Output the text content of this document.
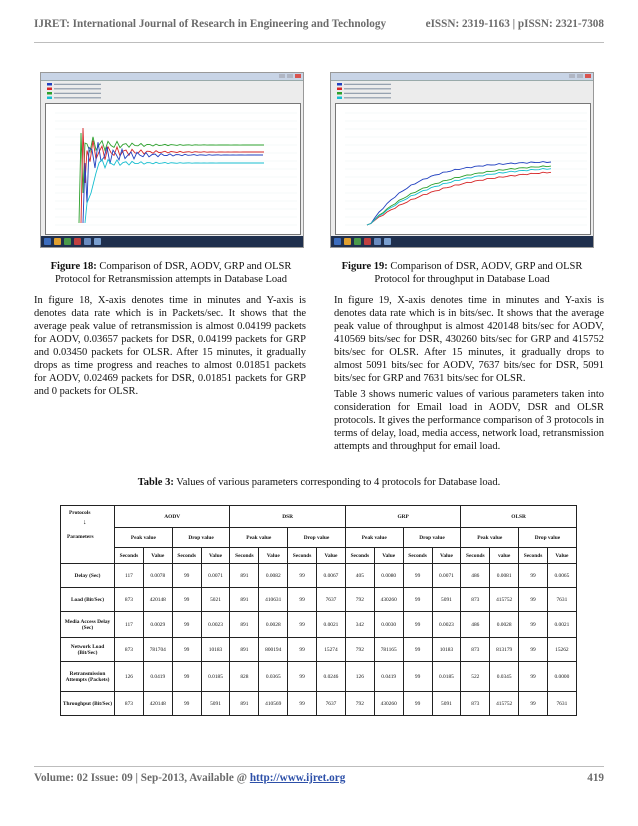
IJRET: International Journal of Research in Engineering and Technology	eISSN: 2319-1163 | pISSN: 2321-7308
Figure 18: Comparison of DSR, AODV, GRP and OLSR Protocol for Retransmission attempts in Database Load
Figure 19: Comparison of DSR, AODV, GRP and OLSR Protocol for throughput in Database Load

In figure 18, X-axis denotes time in minutes and Y-axis is denotes data rate which is in Packets/sec. It shows that the average peak value of retransmission is almost 0.04199 packets for AODV, 0.03657 packets for DSR, 0.04199 packets for GRP and 0.03450 packets for OLSR. After 15 minutes, it gradually drops as time progress and reaches to almost 0.01851 packets for AODV, 0.02469 packets for DSR, 0.01851 packets for GRP and 0 packets for OLSR.

In figure 19, X-axis denotes time in minutes and Y-axis is denotes data rate which is in bits/sec. It shows that the average peak value of throughput is almost 420148 bits/sec for AODV, 410569 bits/sec for DSR, 430260 bits/sec for GRP and 415752 bits/sec for OLSR. After 15 minutes, it gradually drops to almost 5091 bits/sec for AODV, 7637 bits/sec for DSR, 5091 bits/sec for GRP and 7631 bits/sec for OLSR.

Table 3 shows numeric values of various parameters taken into consideration for Email load in AODV, DSR and OLSR protocols. It gives the performance comparison of 3 protocols in terms of delay, load, media access, network load, retransmission attempts and throughput for email load.

Table 3: Values of various parameters corresponding to 4 protocols for Database load.
Protocols
↓
Parameters	AODV				DSR				GRP				OLSR			
	Peak value		Drop value		Peak value		Drop value		Peak value		Drop value		Peak value		Drop value	
	Seconds	Value	Seconds	Value	Seconds	Value	Seconds	Value	Seconds	Value	Seconds	Value	Seconds	value	Seconds	Value
Delay (Sec)	117	0.0078	99	0.0071	891	0.0082	99	0.0067	405	0.0080	99	0.0071	486	0.0081	99	0.0065
Load (Bit/Sec)	873	420148	99	5021	891	410631	99	7637	792	430260	99	5091	873	415752	99	7631
Media Access Delay (Sec)	117	0.0029	99	0.0023	891	0.0028	99	0.0021	342	0.0030	99	0.0023	486	0.0028	99	0.0021
Network Load (Bit/Sec)	873	781704	99	10183	891	800194	99	15274	792	781165	99	10183	873	813179	99	15262
Retransmission Attempts (Packets)	126	0.0419	99	0.0185	828	0.0365	99	0.0246	126	0.0419	99	0.0185	522	0.0345	99	0.0000
Throughput (Bit/Sec)	873	420148	99	5091	891	410569	99	7637	792	430260	99	5091	873	415752	99	7631
Volume: 02 Issue: 09 | Sep-2013, Available @ http://www.ijret.org	419
